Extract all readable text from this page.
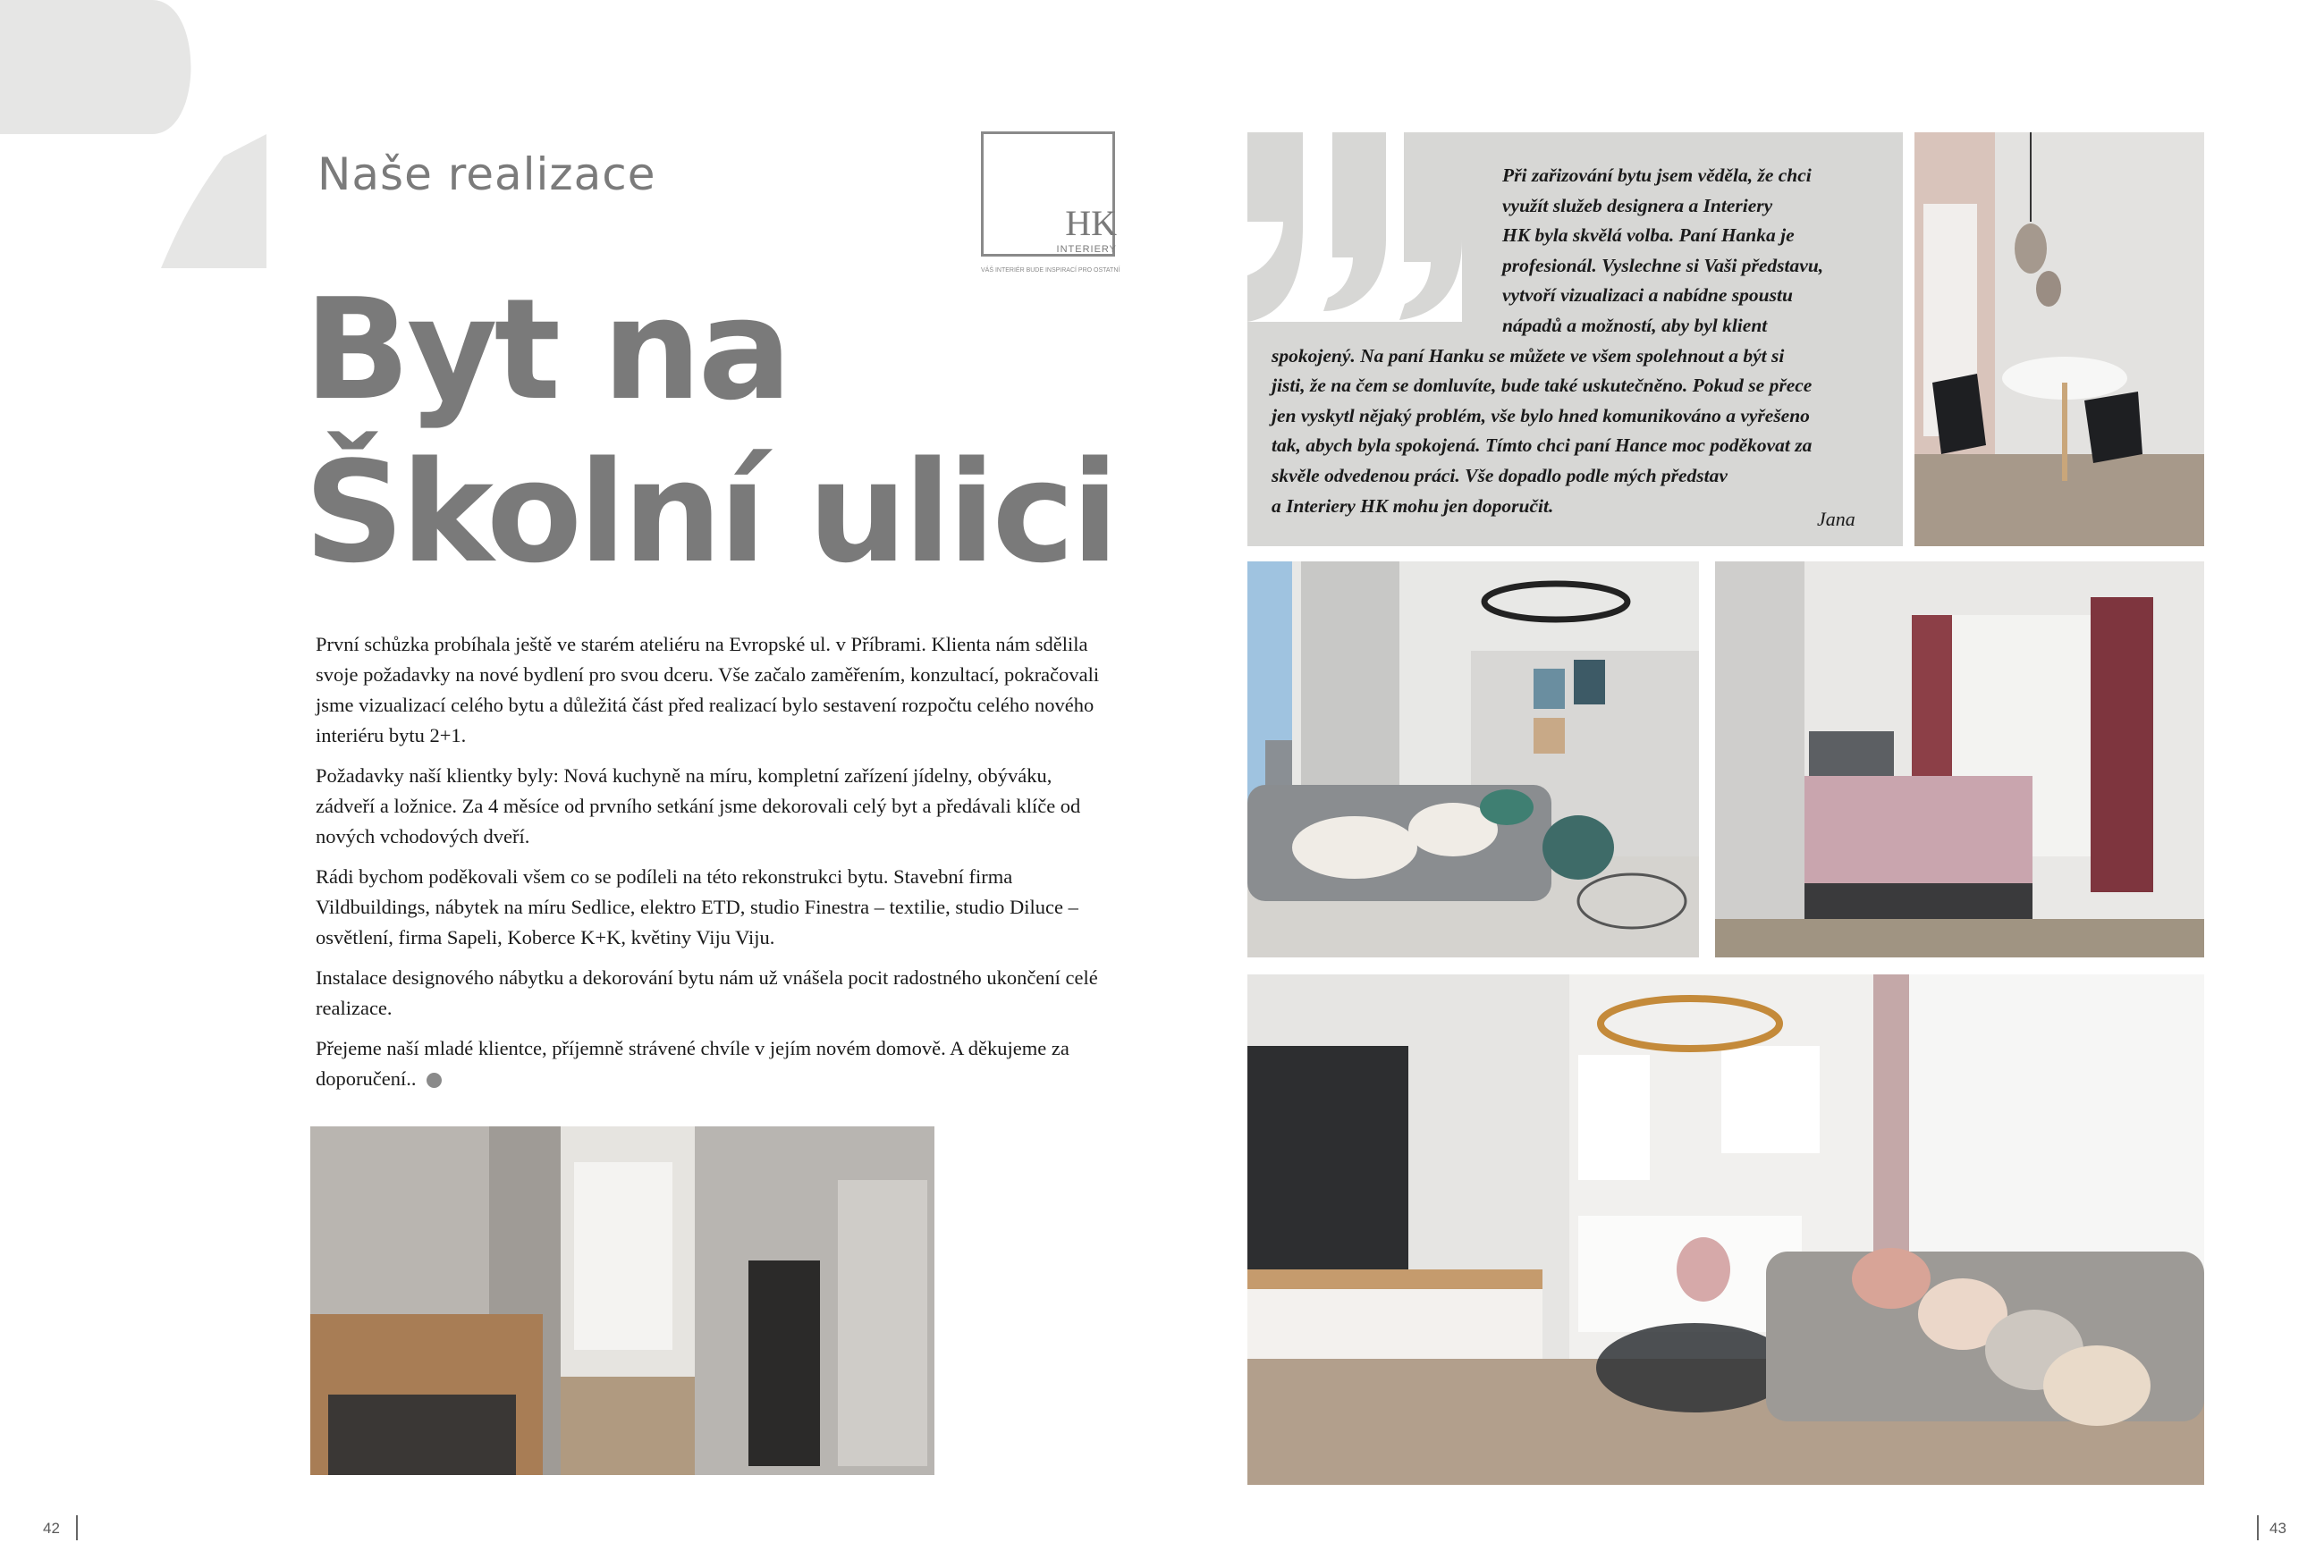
Naše realizace
Byt na
Školní ulici
HK
INTERIERY
VÁŠ INTERIÉR BUDE INSPIRACÍ PRO OSTATNÍ

První schůzka probíhala ještě ve starém ateliéru na Evropské ul. v Příbrami. Klienta nám sdělila svoje požadavky na nové bydlení pro svou dceru. Vše začalo zaměřením, konzultací, pokračovali jsme vizualizací celého bytu a důležitá část před realizací bylo sestavení rozpočtu celého nového interiéru bytu 2+1.

Požadavky naší klientky byly: Nová kuchyně na míru, kompletní zařízení jídelny, obýváku, zádveří a ložnice. Za 4 měsíce od prvního setkání jsme dekorovali celý byt a předávali klíče od nových vchodových dveří.

Rádi bychom poděkovali všem co se podíleli na této rekonstrukci bytu. Stavební firma Vildbuildings, nábytek na míru Sedlice, elektro ETD, studio Finestra – textilie, studio Diluce – osvětlení, firma Sapeli, Koberce K+K, květiny Viju Viju.

Instalace designového nábytku a dekorování bytu nám už vnášela pocit radostného ukončení celé realizace.

Přejeme naší mladé klientce, příjemně strávené chvíle v jejím novém domově. A děkujeme za doporučení..

Při zařizování bytu jsem věděla, že chci
využít služeb designera a Interiery
HK byla skvělá volba. Paní Hanka je
profesionál. Vyslechne si Vaši představu,
vytvoří vizualizaci a nabídne spoustu
nápadů a možností, aby byl klient
spokojený. Na paní Hanku se můžete ve všem spolehnout a být si
jisti, že na čem se domluvíte, bude také uskutečněno. Pokud se přece
jen vyskytl nějaký problém, vše bylo hned komunikováno a vyřešeno
tak, abych byla spokojená. Tímto chci paní Hance moc poděkovat za
skvěle odvedenou práci. Vše dopadlo podle mých představ
a Interiery HK mohu jen doporučit.
Jana
42	43
